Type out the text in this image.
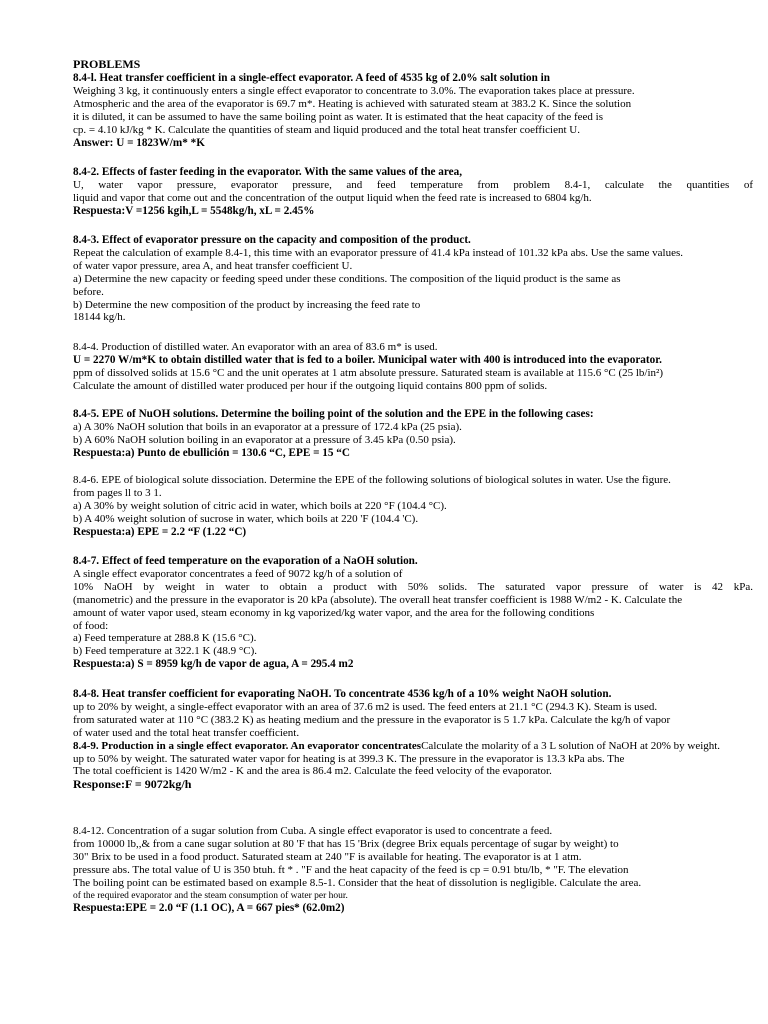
PROBLEMS
8.4-l. Heat transfer coefficient in a single-effect evaporator. A feed of 4535 kg of 2.0% salt solution in
Weighing 3 kg, it continuously enters a single effect evaporator to concentrate to 3.0%. The evaporation takes place at pressure.
Atmospheric and the area of the evaporator is 69.7 m*. Heating is achieved with saturated steam at 383.2 K. Since the solution
it is diluted, it can be assumed to have the same boiling point as water. It is estimated that the heat capacity of the feed is
cp. = 4.10 kJ/kg * K. Calculate the quantities of steam and liquid produced and the total heat transfer coefficient U.
Answer: U = 1823W/m* *K
8.4-2. Effects of faster feeding in the evaporator. With the same values of the area,
U, water vapor pressure, evaporator pressure, and feed temperature from problem 8.4-1, calculate the quantities of
liquid and vapor that come out and the concentration of the output liquid when the feed rate is increased to 6804 kg/h.
Respuesta:V =1256 kgih,L = 5548kg/h, xL = 2.45%
8.4-3. Effect of evaporator pressure on the capacity and composition of the product.
Repeat the calculation of example 8.4-1, this time with an evaporator pressure of 41.4 kPa instead of 101.32 kPa abs. Use the same values.
of water vapor pressure, area A, and heat transfer coefficient U.
a) Determine the new capacity or feeding speed under these conditions. The composition of the liquid product is the same as
before.
b) Determine the new composition of the product by increasing the feed rate to
18144 kg/h.
8.4-4. Production of distilled water. An evaporator with an area of 83.6 m* is used.
U = 2270 W/m*K to obtain distilled water that is fed to a boiler. Municipal water with 400 is introduced into the evaporator.
ppm of dissolved solids at 15.6 °C and the unit operates at 1 atm absolute pressure. Saturated steam is available at 115.6 °C (25 lb/in²)
Calculate the amount of distilled water produced per hour if the outgoing liquid contains 800 ppm of solids.
8.4-5. EPE of NuOH solutions. Determine the boiling point of the solution and the EPE in the following cases:
a) A 30% NaOH solution that boils in an evaporator at a pressure of 172.4 kPa (25 psia).
b) A 60% NaOH solution boiling in an evaporator at a pressure of 3.45 kPa (0.50 psia).
Respuesta:a) Punto de ebullición = 130.6 “C, EPE = 15 “C
8.4-6. EPE of biological solute dissociation. Determine the EPE of the following solutions of biological solutes in water. Use the figure.
from pages ll to 3 1.
a) A 30% by weight solution of citric acid in water, which boils at 220 °F (104.4 °C).
b) A 40% weight solution of sucrose in water, which boils at 220 'F (104.4 'C).
Respuesta:a) EPE = 2.2 “F (1.22 “C)
8.4-7. Effect of feed temperature on the evaporation of a NaOH solution.
A single effect evaporator concentrates a feed of 9072 kg/h of a solution of
10% NaOH by weight in water to obtain a product with 50% solids. The saturated vapor pressure of water is 42 kPa.
(manometric) and the pressure in the evaporator is 20 kPa (absolute). The overall heat transfer coefficient is 1988 W/m2 - K. Calculate the
amount of water vapor used, steam economy in kg vaporized/kg water vapor, and the area for the following conditions
of food:
a) Feed temperature at 288.8 K (15.6 °C).
b) Feed temperature at 322.1 K (48.9 °C).
Respuesta:a) S = 8959 kg/h de vapor de agua, A = 295.4 m2
8.4-8. Heat transfer coefficient for evaporating NaOH. To concentrate 4536 kg/h of a 10% weight NaOH solution.
up to 20% by weight, a single-effect evaporator with an area of 37.6 m2 is used. The feed enters at 21.1 °C (294.3 K). Steam is used.
from saturated water at 110 °C (383.2 K) as heating medium and the pressure in the evaporator is 5 1.7 kPa. Calculate the kg/h of vapor
of water used and the total heat transfer coefficient.
8.4-9. Production in a single effect evaporator. An evaporator concentratesCalculate the molarity of a 3 L solution of NaOH at 20% by weight.
up to 50% by weight. The saturated water vapor for heating is at 399.3 K. The pressure in the evaporator is 13.3 kPa abs. The
The total coefficient is 1420 W/m2 - K and the area is 86.4 m2. Calculate the feed velocity of the evaporator.
Response:F = 9072kg/h
8.4-12. Concentration of a sugar solution from Cuba. A single effect evaporator is used to concentrate a feed.
from 10000 lb,,& from a cane sugar solution at 80 'F that has 15 'Brix (degree Brix equals percentage of sugar by weight) to
30" Brix to be used in a food product. Saturated steam at 240 "F is available for heating. The evaporator is at 1 atm.
pressure abs. The total value of U is 350 btuh. ft * . "F and the heat capacity of the feed is cp = 0.91 btu/lb, * "F. The elevation
The boiling point can be estimated based on example 8.5-1. Consider that the heat of dissolution is negligible. Calculate the area.
of the required evaporator and the steam consumption of water per hour.
Respuesta:EPE = 2.0 “F (1.1 OC), A = 667 pies* (62.0m2)
